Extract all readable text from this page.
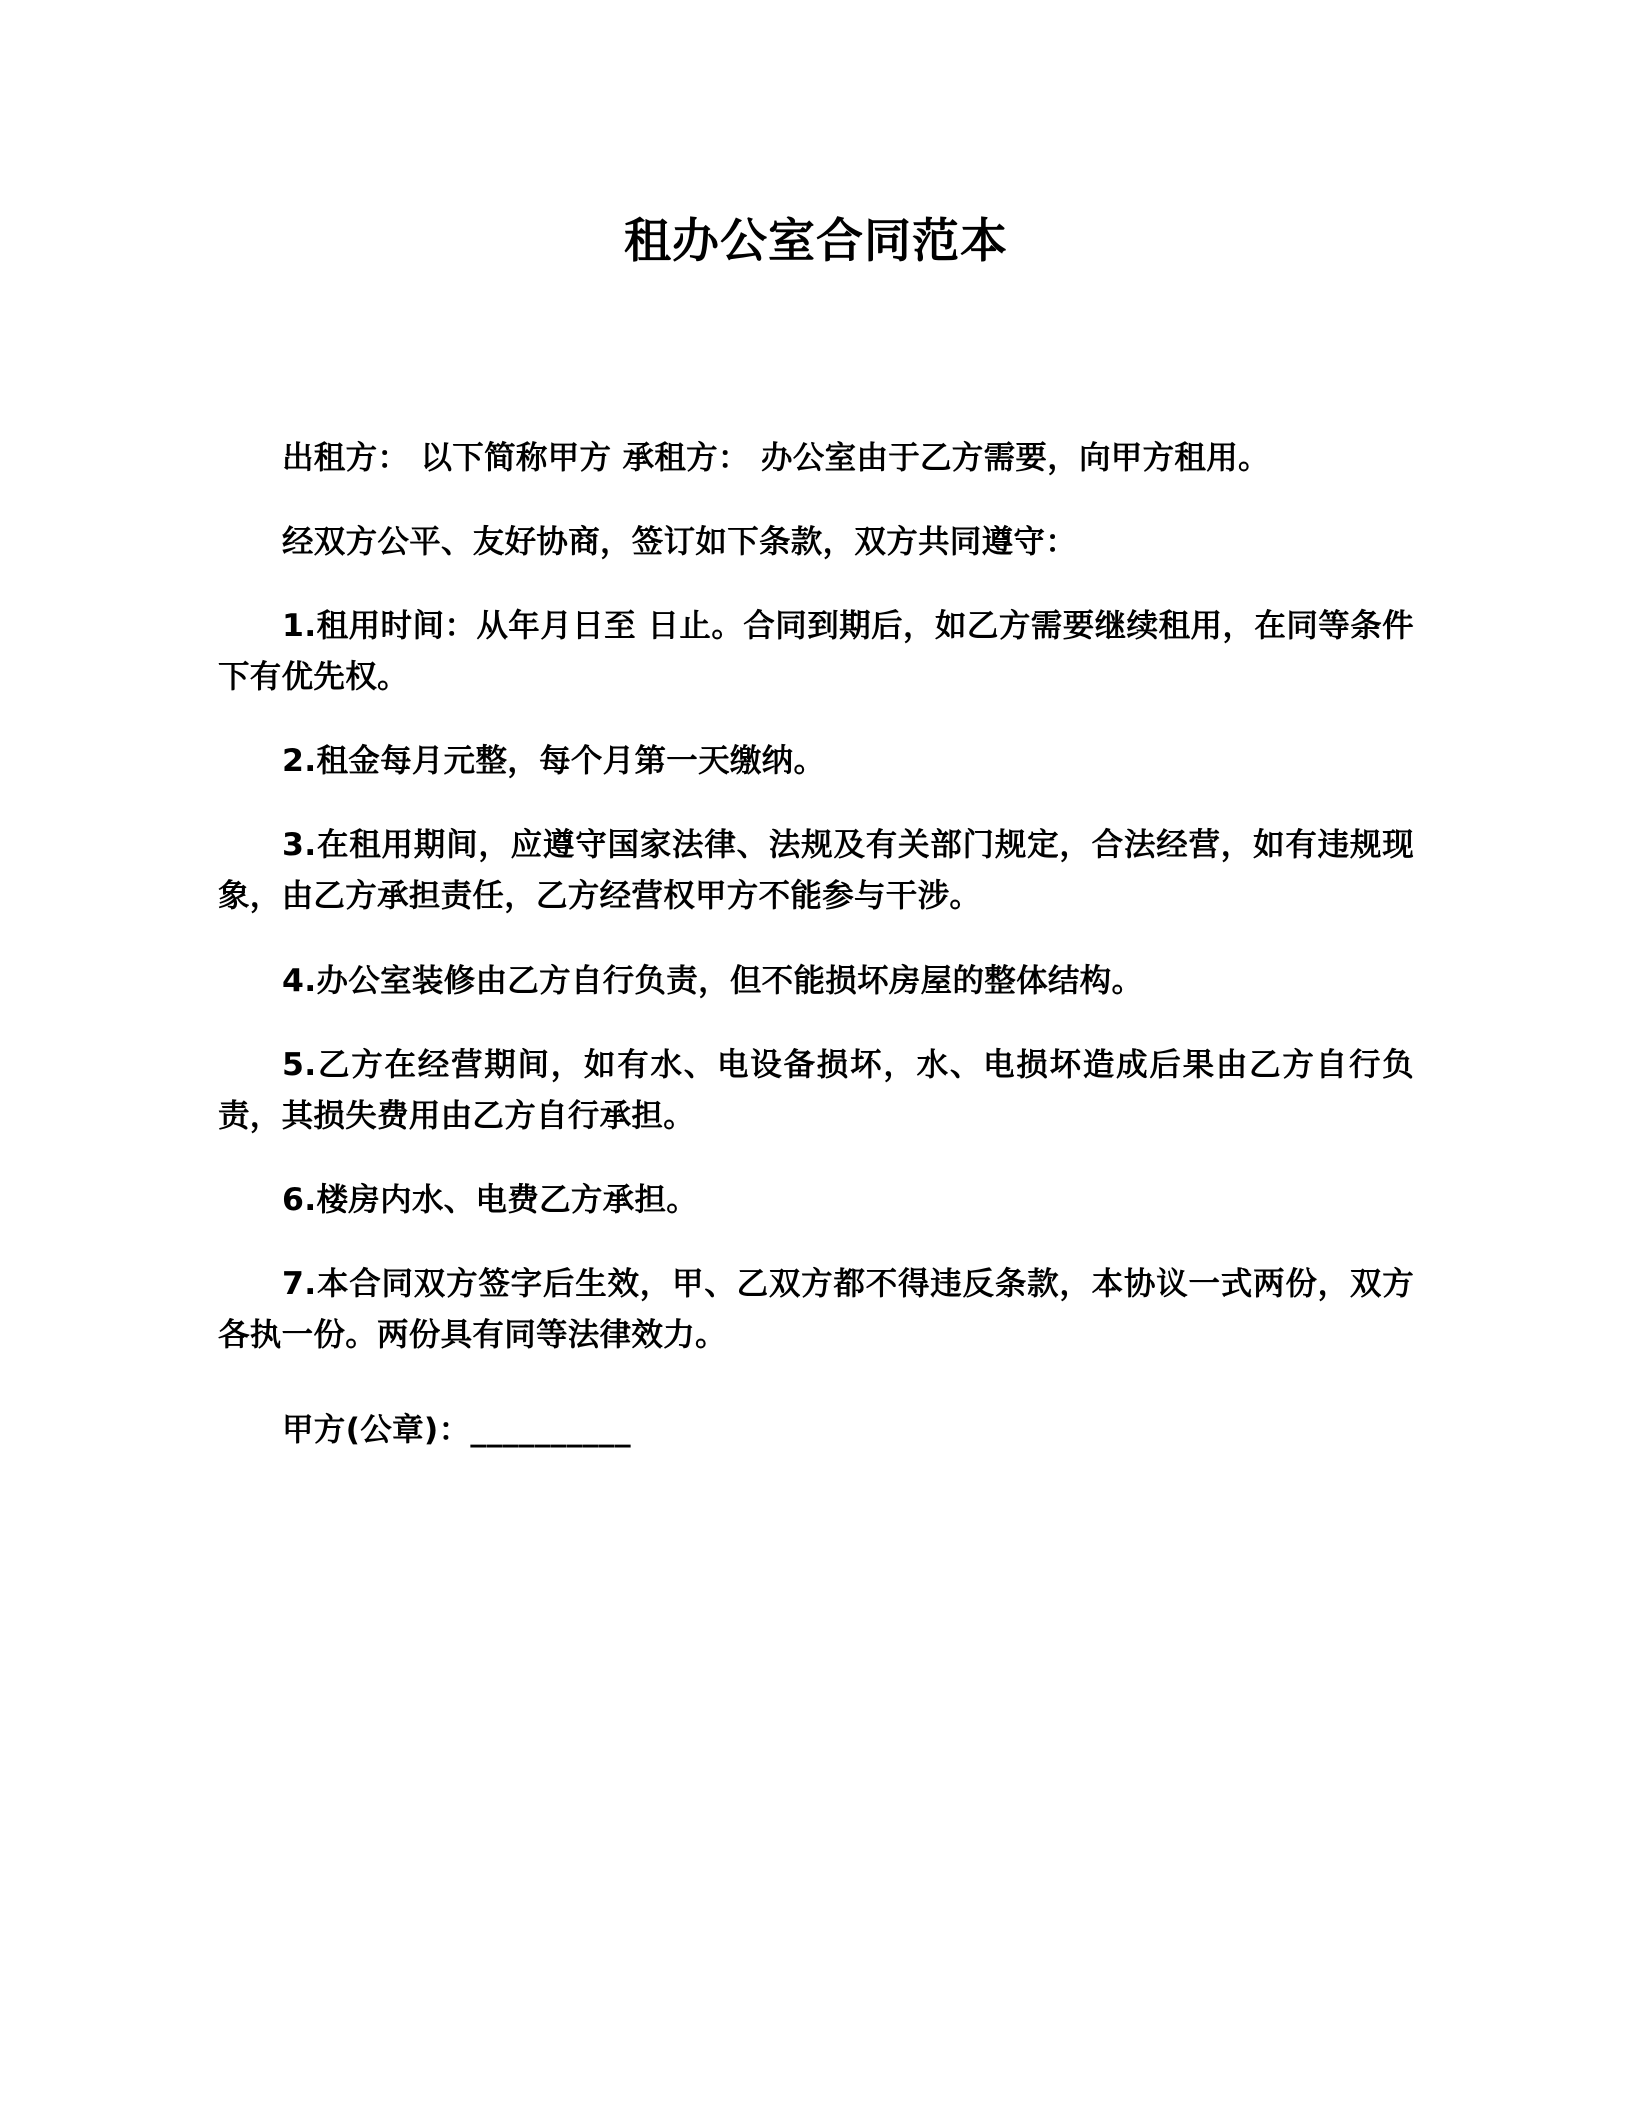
租办公室合同范本

出租方： 以下简称甲方 承租方： 办公室由于乙方需要，向甲方租用。

经双方公平、友好协商，签订如下条款，双方共同遵守：

1.租用时间：从年月日至 日止。合同到期后，如乙方需要继续租用，在同等条件下有优先权。

2.租金每月元整，每个月第一天缴纳。

3.在租用期间，应遵守国家法律、法规及有关部门规定，合法经营，如有违规现象，由乙方承担责任，乙方经营权甲方不能参与干涉。

4.办公室装修由乙方自行负责，但不能损坏房屋的整体结构。

5.乙方在经营期间，如有水、电设备损坏，水、电损坏造成后果由乙方自行负责，其损失费用由乙方自行承担。

6.楼房内水、电费乙方承担。

7.本合同双方签字后生效，甲、乙双方都不得违反条款，本协议一式两份，双方各执一份。两份具有同等法律效力。

甲方(公章)：__________
